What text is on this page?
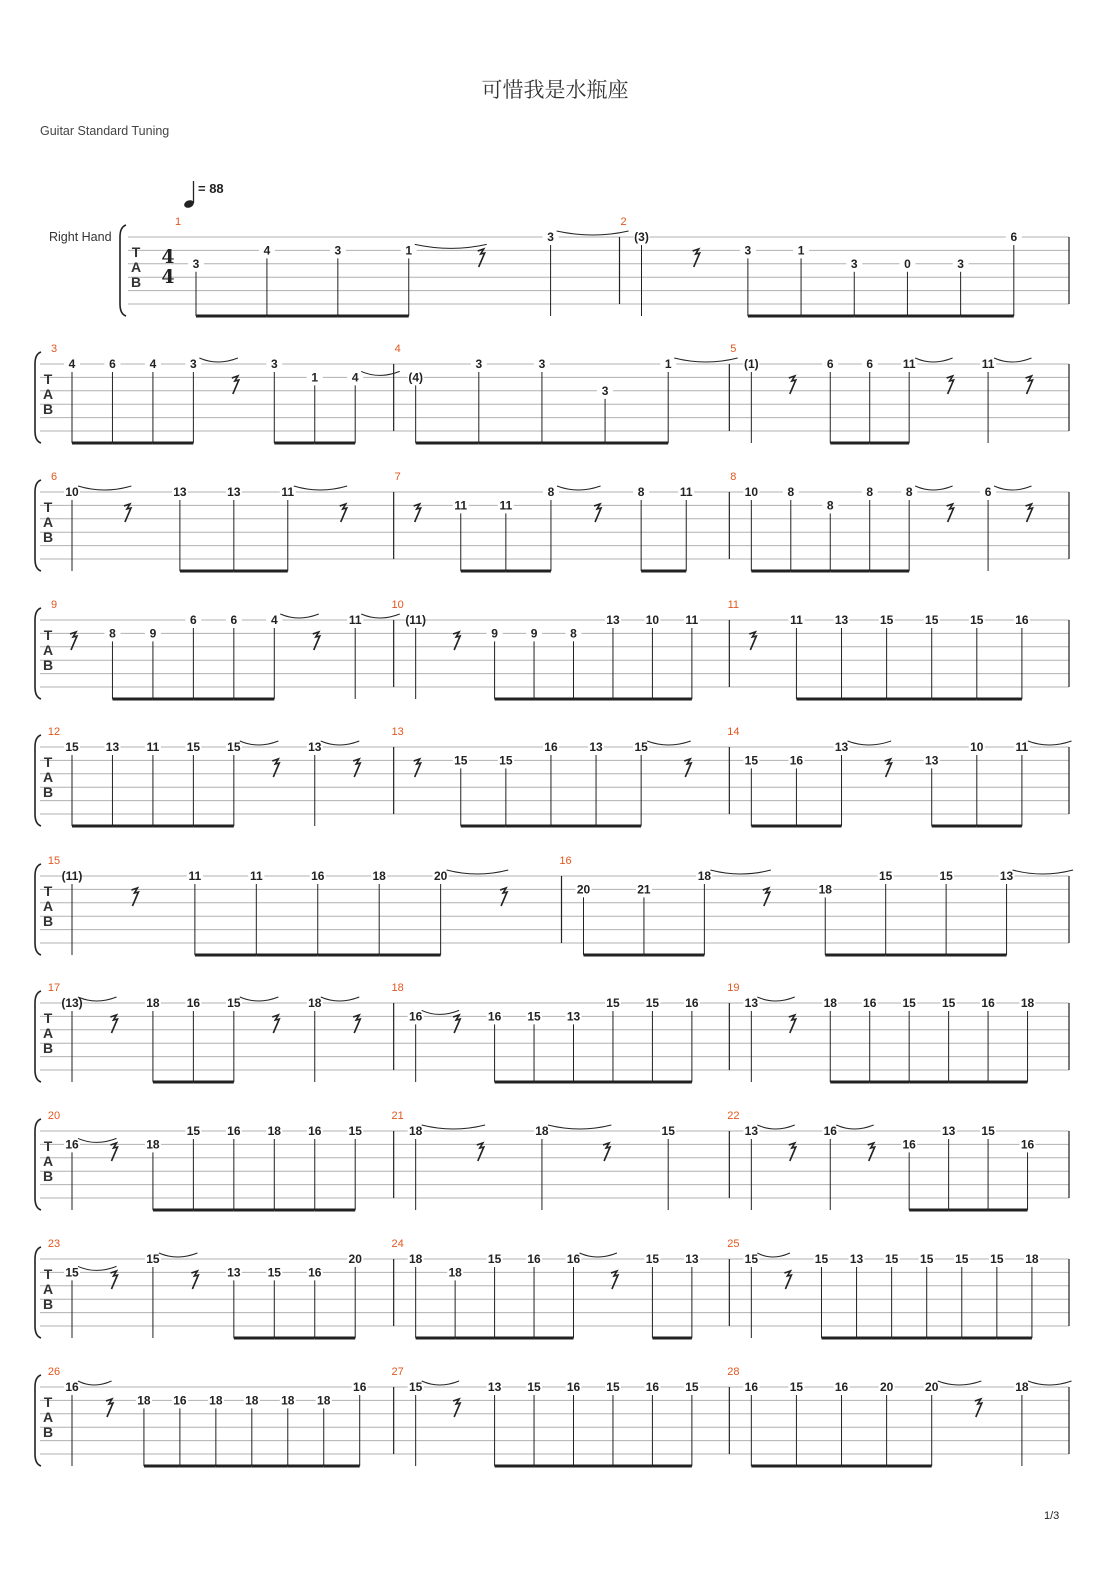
可惜我是水瓶座
Guitar Standard Tuning
1/3
= 88
Right Hand
T
A
B
4
4
1
3
4	3	1
3
2
(3)
3	1
3	0	3
6
T
A
B
3
4	6	4	3	3
1	4
4
(4)
3	3
3
1
5
(1)	6	6 11	11
T
A
B
6
10	13	13	11
7
11	11
8	8	11
8
10 8
8
8	8	6
T
A
B
9
8	9
6	6	4	11
10
(11)
9	9	8
13 10 11
11
11	13	15	15	15	16
T
A
B
12
15 13 11 15 15	13
13
15	15
16	13	15
14
15	16
13
13
10	11
T
A
B
15
(11)	11	11	16	18	20
16
20	21
18
18
15	15	13
T
A
B
17
(13)	18 16 15	18
18
16	16 15 13
15 15 16
19
13	18 16 15 15 16 18
T
A
B
20
16	18
15 16 18 16 15
21
18	18	15
22
13	16
16
13 15
16
T
A
B
23
15
15
13 15 16
20
24
18
18
15 16 16	15 13
25
15	15 13 15 15 15 15 18
T
A
B
26
16
18 16 18 18 18 18
16
27
15	13 15 16 15 16 15
28
16	15	16	20	20	18
